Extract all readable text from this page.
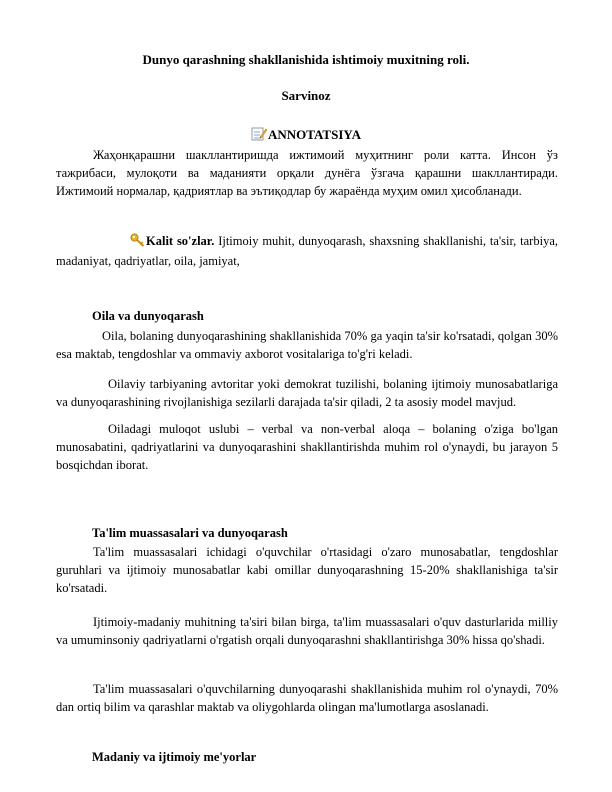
Dunyo qarashning shakllanishida ishtimoiy muxitning roli.
Sarvinoz
ANNOTATSIYA

Жаҳонқарашни шакллантиришда ижтимоий муҳитнинг роли катта. Инсон ўз тажрибаси, мулоқоти ва маданияти орқали дунёга ўзгача қарашни шакллантиради. Ижтимоий нормалар, қадриятлар ва эътиқодлар бу жараёнда муҳим омил ҳисобланади.

Kalit so'zlar. Ijtimoiy muhit, dunyoqarash, shaxsning shakllanishi, ta'sir, tarbiya, madaniyat, qadriyatlar, oila, jamiyat,

Oila va dunyoqarash

Oila, bolaning dunyoqarashining shakllanishida 70% ga yaqin ta'sir ko'rsatadi, qolgan 30% esa maktab, tengdoshlar va ommaviy axborot vositalariga to'g'ri keladi.

Oilaviy tarbiyaning avtoritar yoki demokrat tuzilishi, bolaning ijtimoiy munosabatlariga va dunyoqarashining rivojlanishiga sezilarli darajada ta'sir qiladi, 2 ta asosiy model mavjud.

Oiladagi muloqot uslubi – verbal va non-verbal aloqa – bolaning o'ziga bo'lgan munosabatini, qadriyatlarini va dunyoqarashini shakllantirishda muhim rol o'ynaydi, bu jarayon 5 bosqichdan iborat.

Ta'lim muassasalari va dunyoqarash

Ta'lim muassasalari ichidagi o'quvchilar o'rtasidagi o'zaro munosabatlar, tengdoshlar guruhlari va ijtimoiy munosabatlar kabi omillar dunyoqarashning 15-20% shakllanishiga ta'sir ko'rsatadi.

Ijtimoiy-madaniy muhitning ta'siri bilan birga, ta'lim muassasalari o'quv dasturlarida milliy va umuminsoniy qadriyatlarni o'rgatish orqali dunyoqarashni shakllantirishga 30% hissa qo'shadi.

Ta'lim muassasalari o'quvchilarning dunyoqarashi shakllanishida muhim rol o'ynaydi, 70% dan ortiq bilim va qarashlar maktab va oliygohlarda olingan ma'lumotlarga asoslanadi.

Madaniy va ijtimoiy me'yorlar
